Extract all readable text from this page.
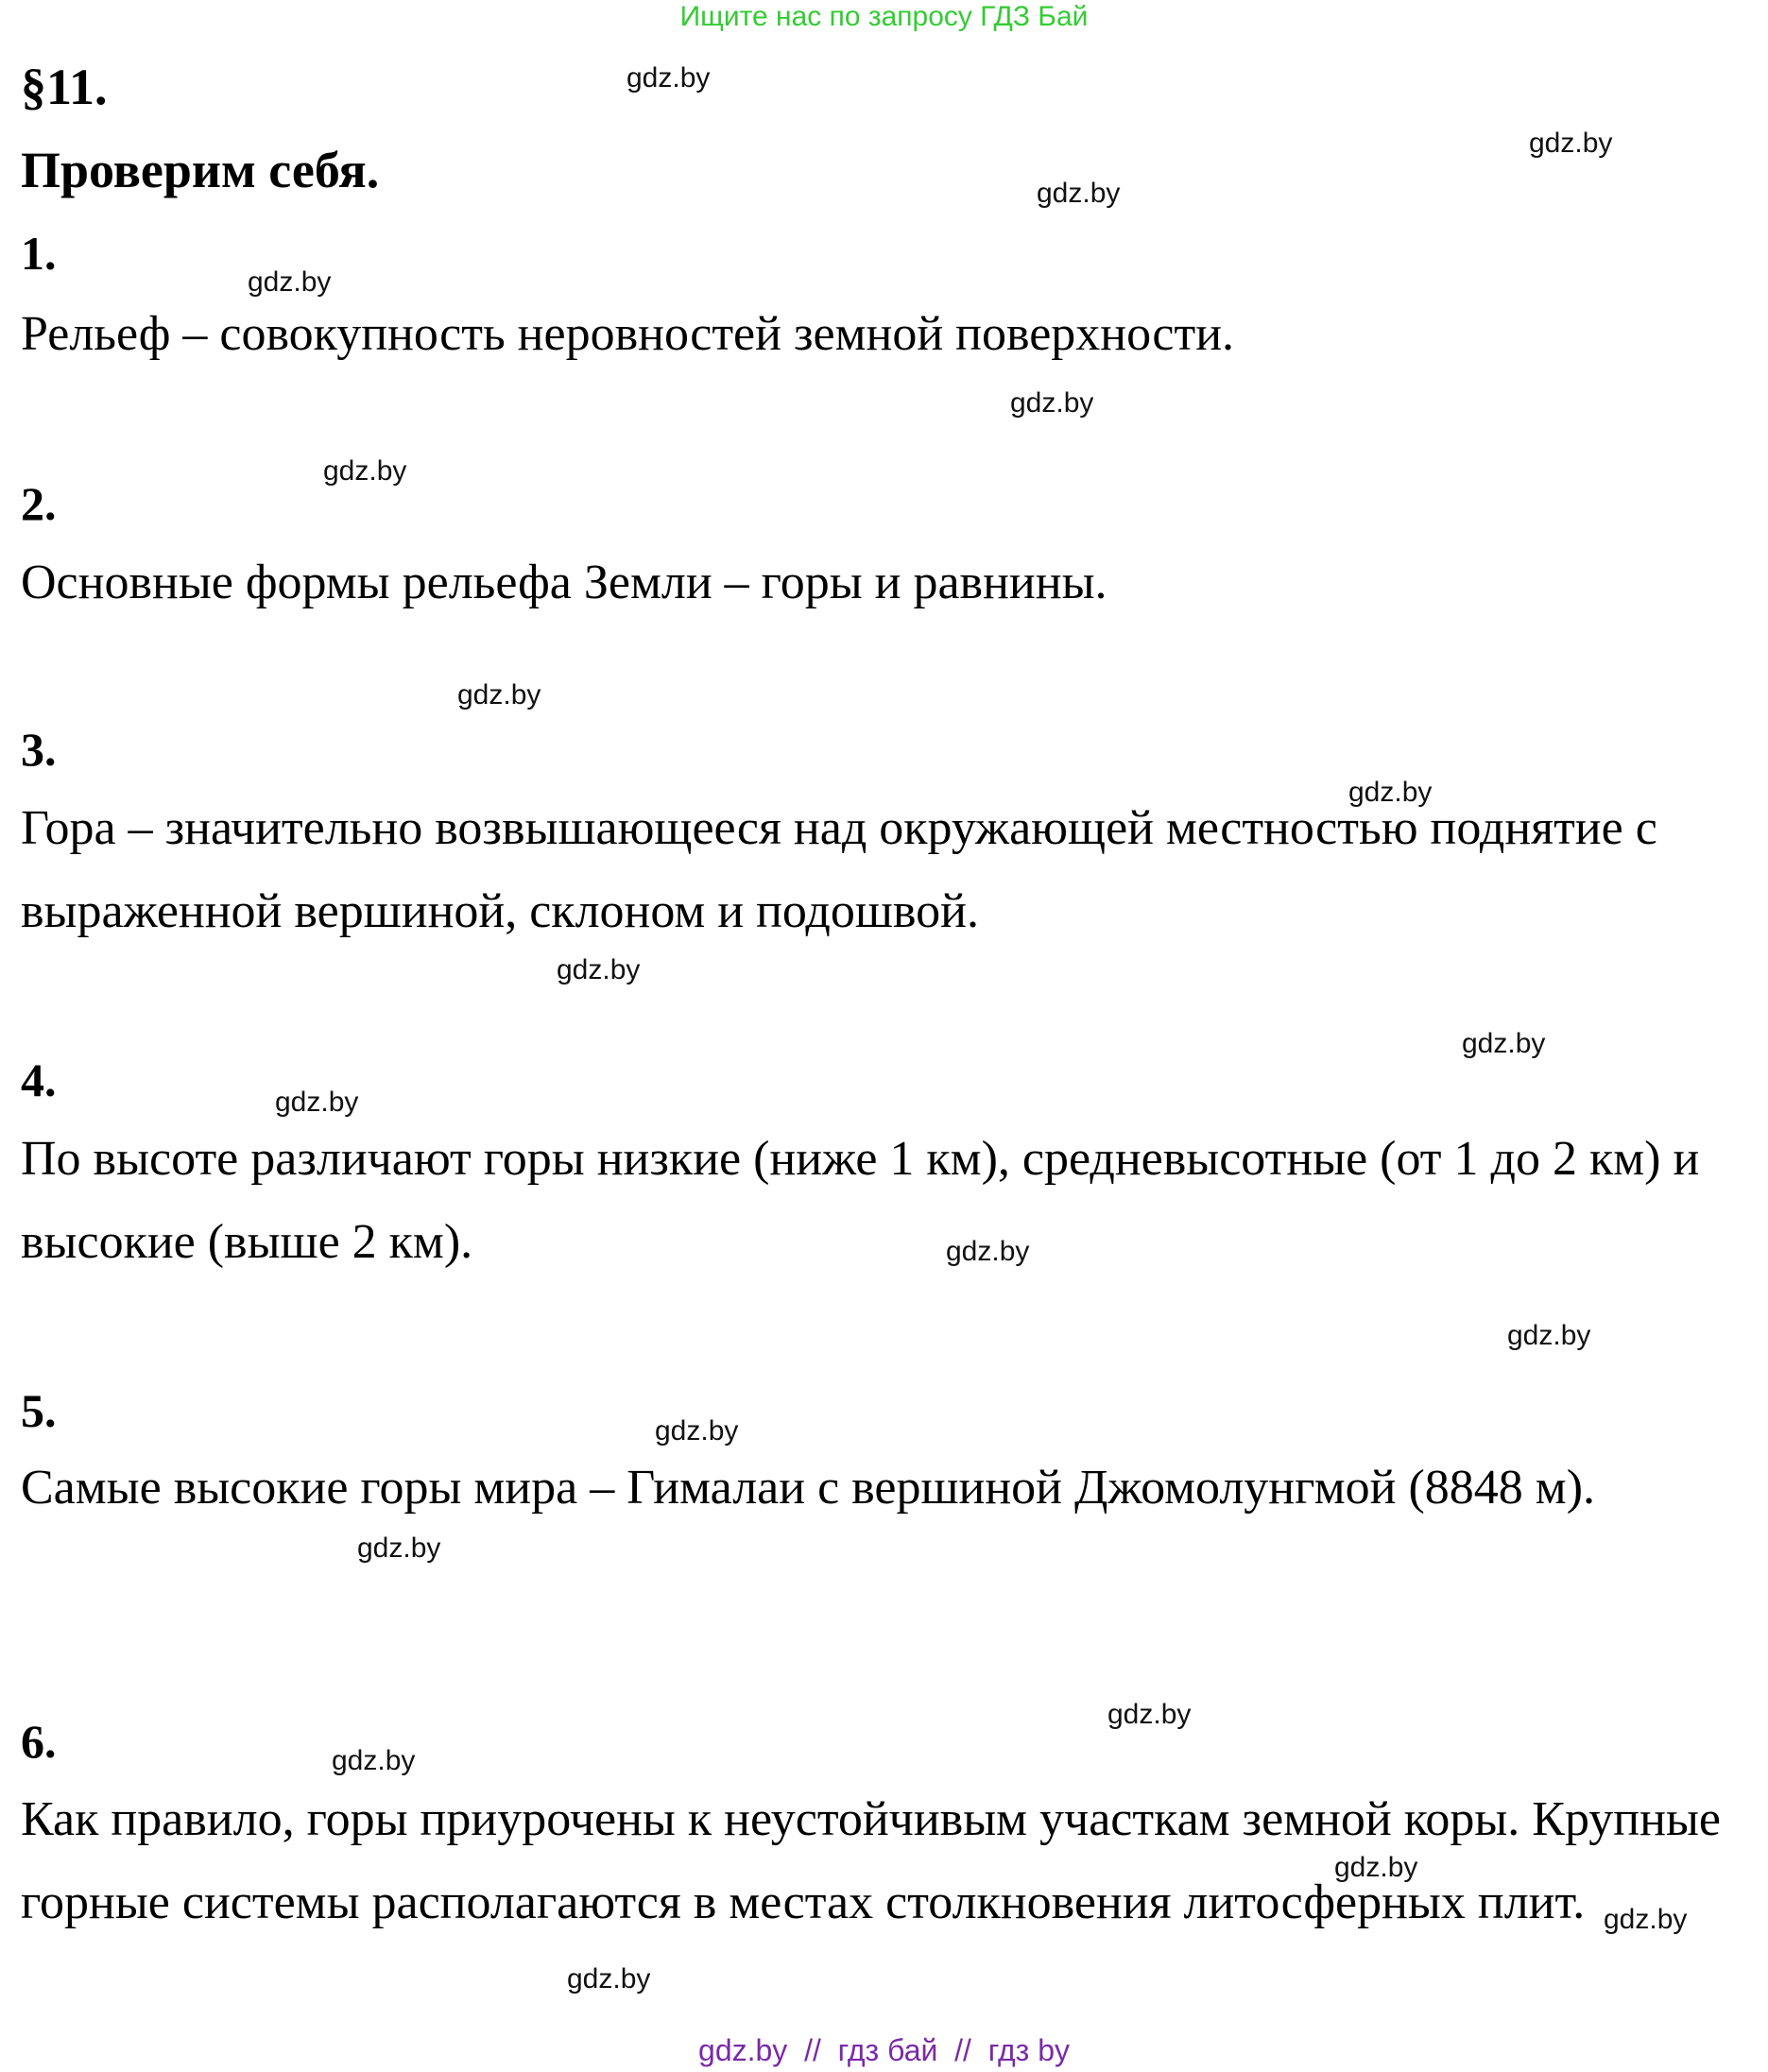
Ищите нас по запросу ГДЗ Бай
§11.
Проверим себя.
1.
Рельеф – совокупность неровностей земной поверхности.
2.
Основные формы рельефа Земли – горы и равнины.
3.
Гора – значительно возвышающееся над окружающей местностью поднятие с выраженной вершиной, склоном и подошвой.
4.
По высоте различают горы низкие (ниже 1 км), средневысотные (от 1 до 2 км) и высокие (выше 2 км).
5.
Самые высокие горы мира – Гималаи с вершиной Джомолунгмой (8848 м).
6.
Как правило, горы приурочены к неустойчивым участкам земной коры. Крупные горные системы располагаются в местах столкновения литосферных плит.
gdz.by
gdz.by
gdz.by
gdz.by
gdz.by
gdz.by
gdz.by
gdz.by
gdz.by
gdz.by
gdz.by
gdz.by
gdz.by
gdz.by
gdz.by
gdz.by
gdz.by
gdz.by
gdz.by
gdz.by
gdz.by  //  гдз бай  //  гдз by
